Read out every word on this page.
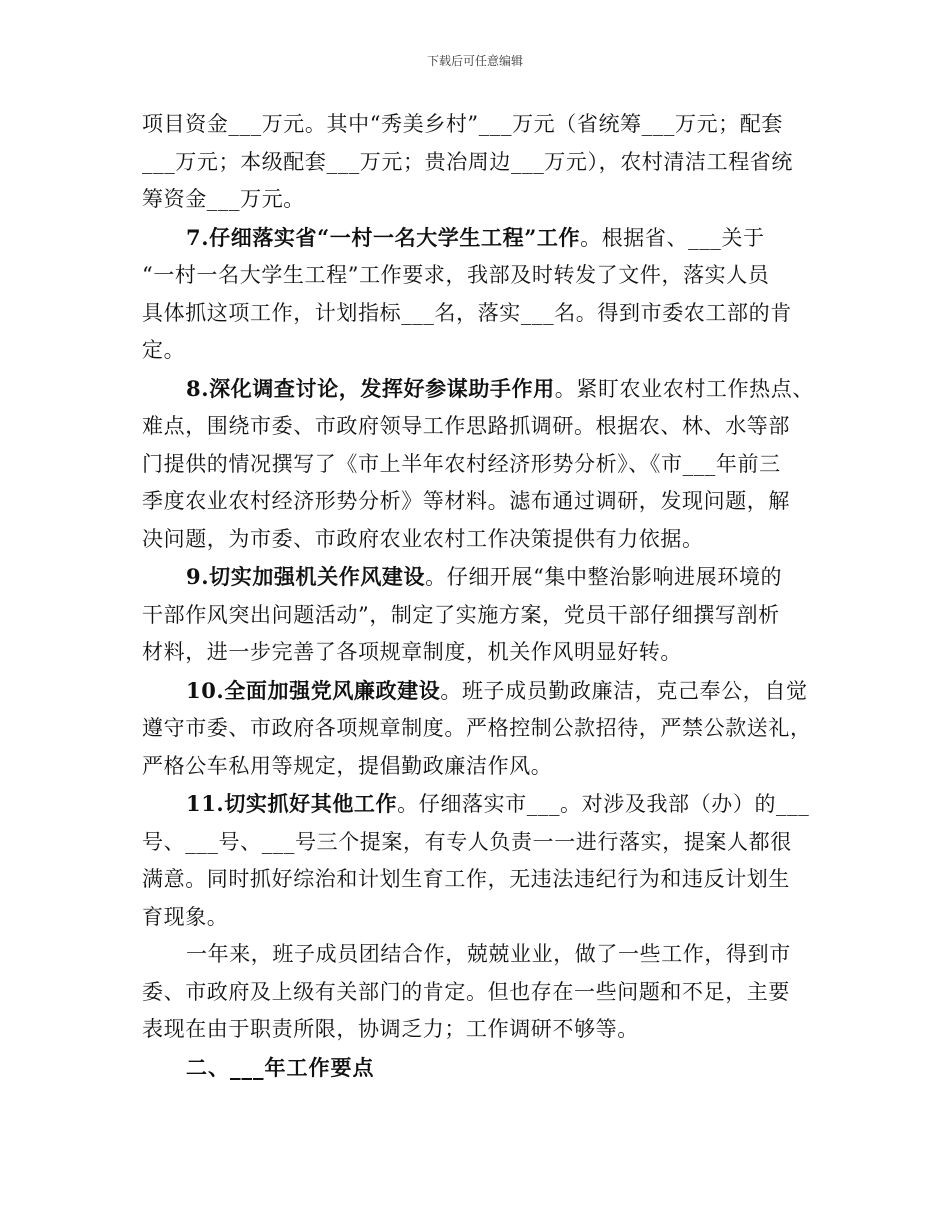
下载后可任意编辑
项目资金___万元。其中“秀美乡村”___万元（省统筹___万元；配套
___万元；本级配套___万元；贵冶周边___万元），农村清洁工程省统
筹资金___万元。
7.仔细落实省“一村一名大学生工程”工作。根据省、___关于
“一村一名大学生工程”工作要求，我部及时转发了文件，落实人员
具体抓这项工作，计划指标___名，落实___名。得到市委农工部的肯
定。
8.深化调查讨论，发挥好参谋助手作用。紧盯农业农村工作热点、
难点，围绕市委、市政府领导工作思路抓调研。根据农、林、水等部
门提供的情况撰写了《市上半年农村经济形势分析》、《市___年前三
季度农业农村经济形势分析》等材料。滤布通过调研，发现问题，解
决问题，为市委、市政府农业农村工作决策提供有力依据。
9.切实加强机关作风建设。仔细开展“集中整治影响进展环境的
干部作风突出问题活动”，制定了实施方案，党员干部仔细撰写剖析
材料，进一步完善了各项规章制度，机关作风明显好转。
10.全面加强党风廉政建设。班子成员勤政廉洁，克己奉公，自觉
遵守市委、市政府各项规章制度。严格控制公款招待，严禁公款送礼，
严格公车私用等规定，提倡勤政廉洁作风。
11.切实抓好其他工作。仔细落实市___。对涉及我部（办）的___
号、___号、___号三个提案，有专人负责一一进行落实，提案人都很
满意。同时抓好综治和计划生育工作，无违法违纪行为和违反计划生
育现象。
一年来，班子成员团结合作，兢兢业业，做了一些工作，得到市
委、市政府及上级有关部门的肯定。但也存在一些问题和不足，主要
表现在由于职责所限，协调乏力；工作调研不够等。
二、___年工作要点
